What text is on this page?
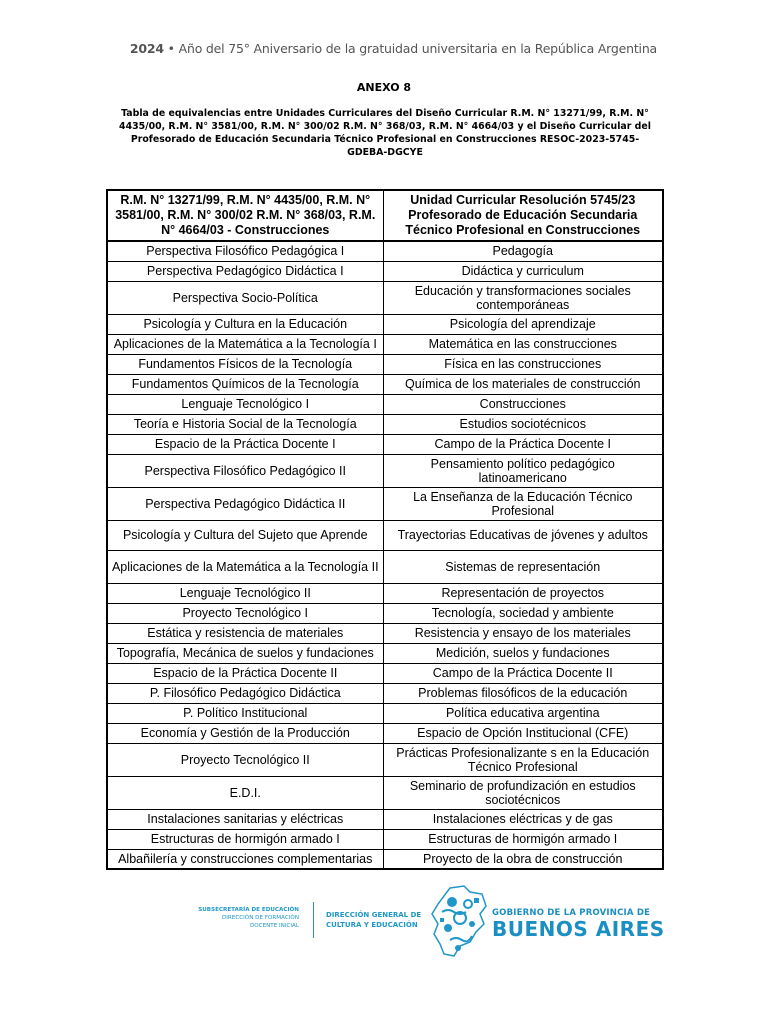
2024 • Año del 75° Aniversario de la gratuidad universitaria en la República Argentina
ANEXO 8
Tabla de equivalencias entre Unidades Curriculares del Diseño Curricular R.M. N° 13271/99, R.M. N° 4435/00, R.M. N° 3581/00, R.M. N° 300/02 R.M. N° 368/03, R.M. N° 4664/03 y el Diseño Curricular del Profesorado de Educación Secundaria Técnico Profesional en Construcciones RESOC-2023-5745-GDEBA-DGCYE
R.M. N° 13271/99, R.M. N° 4435/00, R.M. N° 3581/00, R.M. N° 300/02 R.M. N° 368/03, R.M. N° 4664/03 - Construcciones	Unidad Curricular Resolución 5745/23 Profesorado de Educación Secundaria Técnico Profesional en Construcciones
Perspectiva Filosófico Pedagógica I	Pedagogía
Perspectiva Pedagógico Didáctica I	Didáctica y curriculum
Perspectiva Socio-Política	Educación y transformaciones sociales contemporáneas
Psicología y Cultura en la Educación	Psicología del aprendizaje
Aplicaciones de la Matemática a la Tecnología I	Matemática en las construcciones
Fundamentos Físicos de la Tecnología	Física en las construcciones
Fundamentos Químicos de la Tecnología	Química de los materiales de construcción
Lenguaje Tecnológico I	Construcciones
Teoría e Historia Social de la Tecnología	Estudios sociotécnicos
Espacio de la Práctica Docente I	Campo de la Práctica Docente I
Perspectiva Filosófico Pedagógico II	Pensamiento político pedagógico latinoamericano
Perspectiva Pedagógico Didáctica II	La Enseñanza de la Educación Técnico Profesional
Psicología y Cultura del Sujeto que Aprende	Trayectorias Educativas de jóvenes y adultos
Aplicaciones de la Matemática a la Tecnología II	Sistemas de representación
Lenguaje Tecnológico II	Representación de proyectos
Proyecto Tecnológico I	Tecnología, sociedad y ambiente
Estática y resistencia de materiales	Resistencia y ensayo de los materiales
Topografía, Mecánica de suelos y fundaciones	Medición, suelos y fundaciones
Espacio de la Práctica Docente II	Campo de la Práctica Docente II
P. Filosófico Pedagógico Didáctica	Problemas filosóficos de la educación
P. Político Institucional	Política educativa argentina
Economía y Gestión de la Producción	Espacio de Opción Institucional (CFE)
Proyecto Tecnológico II	Prácticas Profesionalizante s en la Educación Técnico Profesional
E.D.I.	Seminario de profundización en estudios sociotécnicos
Instalaciones sanitarias y eléctricas	Instalaciones eléctricas y de gas
Estructuras de hormigón armado I	Estructuras de hormigón armado I
Albañilería y construcciones complementarias	Proyecto de la obra de construcción
SUBSECRETARÍA DE EDUCACIÓN
DIRECCIÓN DE FORMACIÓN
DOCENTE INICIAL
DIRECCIÓN GENERAL DE
CULTURA Y EDUCACIÓN
GOBIERNO DE LA PROVINCIA DE
BUENOS AIRES
